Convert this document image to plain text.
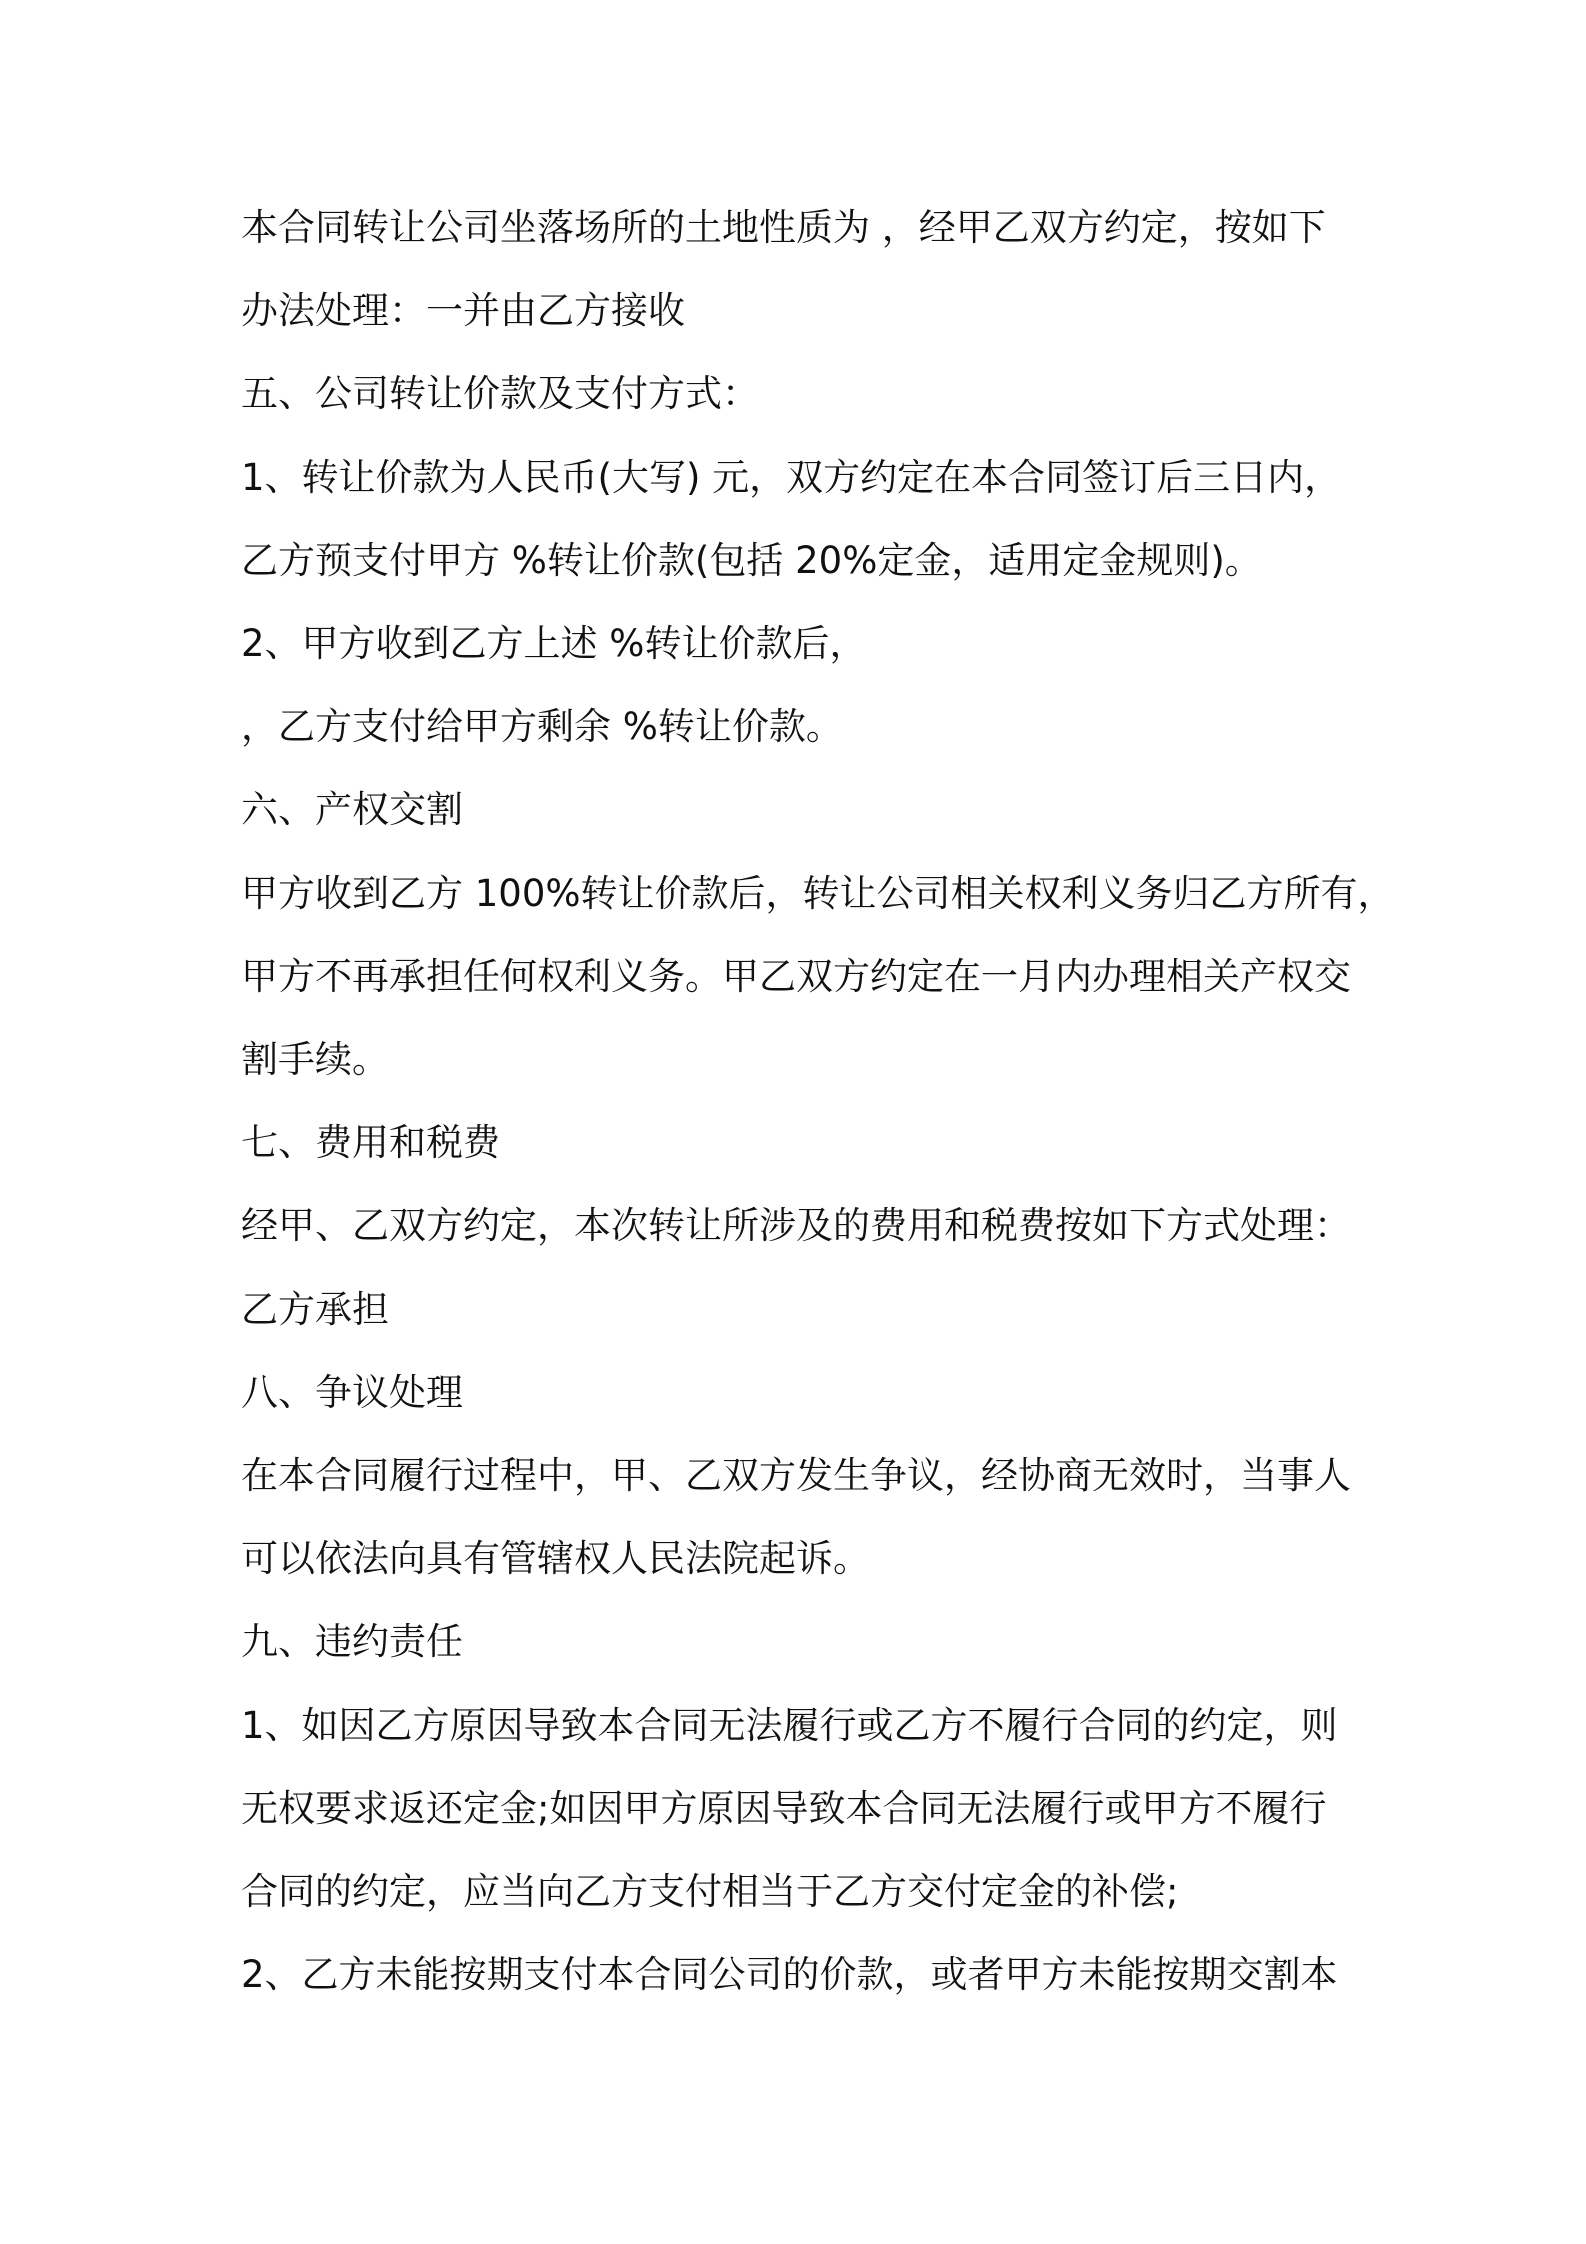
本合同转让公司坐落场所的土地性质为 ，经甲乙双方约定，按如下
办法处理：一并由乙方接收
五、公司转让价款及支付方式：
1、转让价款为人民币(大写) 元，双方约定在本合同签订后三日内，
乙方预支付甲方 %转让价款(包括 20%定金，适用定金规则)。
2、甲方收到乙方上述 %转让价款后，
，乙方支付给甲方剩余 %转让价款。
六、产权交割
甲方收到乙方 100%转让价款后，转让公司相关权利义务归乙方所有，
甲方不再承担任何权利义务。甲乙双方约定在一月内办理相关产权交
割手续。
七、费用和税费
经甲、乙双方约定，本次转让所涉及的费用和税费按如下方式处理：
乙方承担
八、争议处理
在本合同履行过程中，甲、乙双方发生争议，经协商无效时，当事人
可以依法向具有管辖权人民法院起诉。
九、违约责任
1、如因乙方原因导致本合同无法履行或乙方不履行合同的约定，则
无权要求返还定金;如因甲方原因导致本合同无法履行或甲方不履行
合同的约定，应当向乙方支付相当于乙方交付定金的补偿;
2、乙方未能按期支付本合同公司的价款，或者甲方未能按期交割本
